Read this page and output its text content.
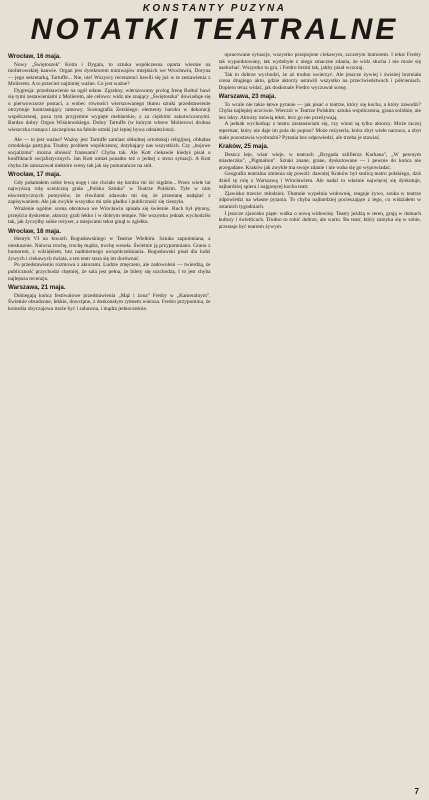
KONSTANTY PUZYNA
NOTATKI TEATRALNE
Wrocław, 16 maja.

Nowy „Świętoszek" Kotta i Dygata, to sztuka współczesna oparta wiernie na molierowskiej kanwie. Organ jest dyrektorem tramwajów miejskich we Wrocławiu, Doryna — jego sekretarką, Tartuffe... Nie, nie! Wszyscy recenzenci bawili się już w te zestawienia z Molierem. A to przecież najmniej ważne. Co jest ważne?

Dygresja: przedstawienie na ogół udane. Zgrabny, wierszowany prolog Irenę Bołtuć bawi się tymi zestawieniami z Molierem, ale celowo: widz nie znający „Świętoszka" dowiaduje się o pierwowzorze postaci, a wobec równości wierszowanego tłumu sztuki przedstawienie otrzymuje kontrastujący ramowy. Scenografia Zerskiego: elementy baroku w dekoracji współczesnej, poza tym przyjemne wygięte meblarskie, z za ciężkimi zakotwiczonymi. Bardzo dobry Orgon Wiśniewskiego. Dobry Tartuffe (w którym wbrew Molierowi drobna wieszczka rosnąca i zaczepiona na fabule sztuki już lepiej bywa odnaleziona).

Ale — to jest ważne? Ważny jest Tartuffe zamiast obłudnej ortodoksji religijnej, obłudna ortodoksja partyjna. Trudny problem współczesny, dotykający nas wszystkich. Czy „bojowe socjalizmu" można obnosić frazesami? Chyba tak. Ale Kott ciekawie kiedyś pisał o konfliktach socjalistycznych. Jan Kott umiał ponadto też o jednej z stron sytuacji. A Kott chyba źle zatuszował niektóre sceny tak jak się pomarańcze na stół.

Wrocław, 17 maja.

Gdy połamałem sobie lewą nogę i nie chciało się bardzo mi iść nigdzie... Przez wiele lat najwyższą rolę sceniczną grała „Polska Sztuka" w Teatrze Polskim. Tyle w nim ekscentrycznych pomysłów, że chwilami zdawało mi się, że przestanę nadążać z zapisywaniem. Ale jak zwykle wszystko mi szło gładko i publiczność się cieszyła.

Wrażenie ogólne: scena obrotowa we Wrocławiu spisała się świetnie. Ruch był płynny, przejścia dyskretne, aktorzy grali lekko i w dobrym tempie. Nie wszystko jednak wychodziło tak, jak życzyłby sobie reżyser, a miejscami tekst ginął w zgiełku.

Wrocław, 18 maja.

Henryk VI na łowach Bogusławskiego w Teatrze Wielkim. Sztuka zapomniana, a niesłusznie. Naiwna trochę, trochę mądra, trochę wesoła. Świetnie ją przypomniano. Grano z humorem, z wdziękiem, bez nadmiernego uwspółcześniania. Bogusławski pisał dla ludzi żywych i ciekawych świata, a ten teatr stara się im dorównać.

Po przedstawieniu rozmowa z aktorami. Ludzie zmęczeni, ale zadowoleni — twierdzą, że publiczność przychodzi chętniej, że sala jest pełna, że bilety się rozchodzą. I to jest chyba najlepsza recenzja.

Warszawa, 21 maja.

Dobiegają końca festiwalowe przedstawienia „Mąż i żona" Fredry w „Kameralnym". Świetnie obsadzone, lekkie, dowcipne, z doskonałym rytmem wiersza. Fredro przypomina, że komedia obyczajowa może być i zabawna, i mądra jednocześnie.

opracowane sytuacje, wszystko przepojone ciekawym, szczerym humorem. I tekst Fredry tak wypunktowany, tak wydobyte z niego smaczne zdania, że widz słucha i nie może się nasłuchać. Wszystko tu gra, i Fredro brzmi tak, jakby pisał wczoraj.

Tak to dobrze wychodzi, że aż trudno uwierzyć. Ale jeszcze żywiej i świeżej brzmiała scena drugiego aktu, gdzie aktorzy ustawili wszystko na przeciwieństwach i półcieniach. Dopiero teraz widać, jak doskonale Fredro wyczuwał scenę.

Warszawa, 23 maja.

To wcale nie takie łatwe pytanie — jak pisać o teatrze, który się kocha, a który zawodzi? Chyba najlepiej uczciwie. Wieczór w Teatrze Polskim: sztuka współczesna, grana solidnie, ale bez iskry. Aktorzy mówią tekst, lecz go nie przeżywają.

A jednak wychodząc z teatru zastanawiam się, czy winni są tylko aktorzy. Może raczej repertuar, który nie daje im pola do popisu? Może reżyseria, która zbyt wiele narzuca, a zbyt mało pozostawia wyobraźni? Pytania bez odpowiedzi, ale trzeba je stawiać.

Kraków, 25 maja.

Deszcz leje, wiatr wieje, w teatrach „Brygada szlifierza Karhana", „W pewnym miasteczku", „Pigmalion". Sztuki znane, grane, dyskutowane — i pewnie do końca nie przegadane. Kraków jak zwykle ma swoje zdanie i nie waha się go wypowiadać.

Geografia teatralna zmienia się powoli: dawniej Kraków był stolicą teatru polskiego, dziś dzieli tę rolę z Warszawą i Wrocławiem. Ale nadal tu właśnie najwięcej się dyskutuje, najbardziej spiera i najgoręcej kocha teatr.

Zjawisko trzecie: młodzież. Tłumnie wypełnia widownię, reaguje żywo, szuka w teatrze odpowiedzi na własne pytania. To chyba najbardziej pocieszające z tego, co widziałem w ostatnich tygodniach.

I jeszcze zjawisko piąte: walka o nową widownię. Teatry jeżdżą w teren, grają w domach kultury i świetlicach. Trudno to robić dobrze, ale warto. Bo teatr, który zamyka się w sobie, przestaje być teatrem żywym.

7
